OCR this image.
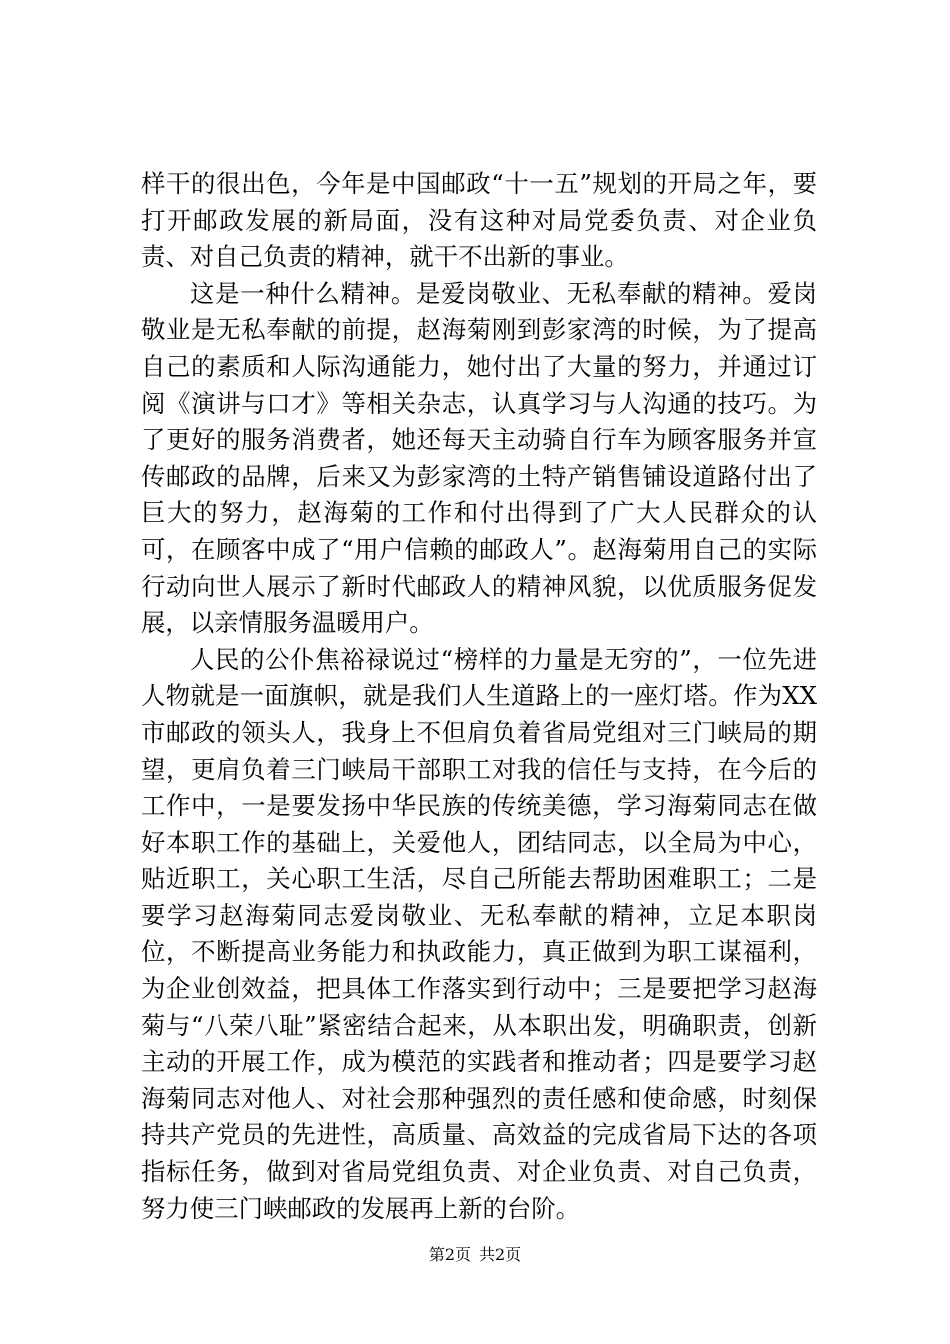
样干的很出色，今年是中国邮政“十一五”规划的开局之年，要打开邮政发展的新局面，没有这种对局党委负责、对企业负责、对自己负责的精神，就干不出新的事业。

这是一种什么精神。是爱岗敬业、无私奉献的精神。爱岗敬业是无私奉献的前提，赵海菊刚到彭家湾的时候，为了提高自己的素质和人际沟通能力，她付出了大量的努力，并通过订阅《演讲与口才》等相关杂志，认真学习与人沟通的技巧。为了更好的服务消费者，她还每天主动骑自行车为顾客服务并宣传邮政的品牌，后来又为彭家湾的土特产销售铺设道路付出了巨大的努力，赵海菊的工作和付出得到了广大人民群众的认可，在顾客中成了“用户信赖的邮政人”。赵海菊用自己的实际行动向世人展示了新时代邮政人的精神风貌，以优质服务促发展，以亲情服务温暖用户。

人民的公仆焦裕禄说过“榜样的力量是无穷的”，一位先进人物就是一面旗帜，就是我们人生道路上的一座灯塔。作为XX市邮政的领头人，我身上不但肩负着省局党组对三门峡局的期望，更肩负着三门峡局干部职工对我的信任与支持，在今后的工作中，一是要发扬中华民族的传统美德，学习海菊同志在做好本职工作的基础上，关爱他人，团结同志，以全局为中心，贴近职工，关心职工生活，尽自己所能去帮助困难职工；二是要学习赵海菊同志爱岗敬业、无私奉献的精神，立足本职岗位，不断提高业务能力和执政能力，真正做到为职工谋福利，为企业创效益，把具体工作落实到行动中；三是要把学习赵海菊与“八荣八耻”紧密结合起来，从本职出发，明确职责，创新主动的开展工作，成为模范的实践者和推动者；四是要学习赵海菊同志对他人、对社会那种强烈的责任感和使命感，时刻保持共产党员的先进性，高质量、高效益的完成省局下达的各项指标任务，做到对省局党组负责、对企业负责、对自己负责，努力使三门峡邮政的发展再上新的台阶。

第2页 共2页
